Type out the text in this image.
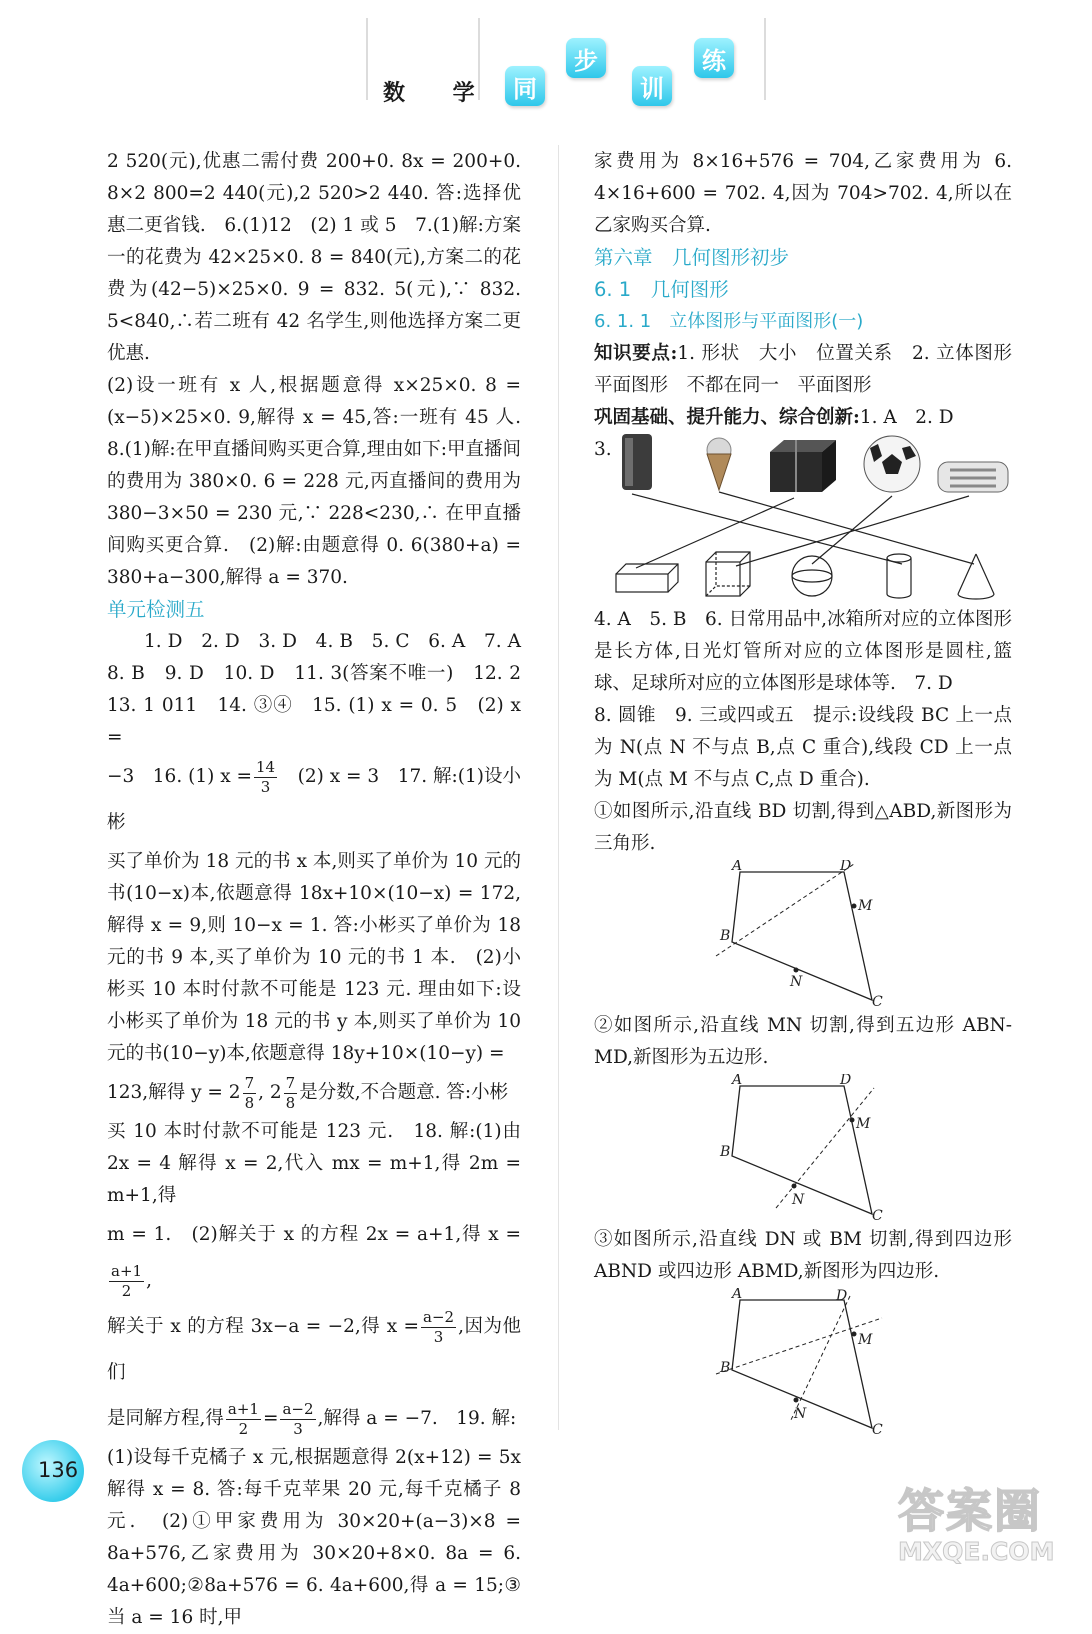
数 学 同
步
训
练

2 520(元),优惠二需付费 200+0. 8x = 200+0. 8×2 800=2 440(元),2 520>2 440. 答:选择优惠二更省钱.　6.(1)12　(2) 1 或 5　7.(1)解:方案一的花费为 42×25×0. 8 = 840(元),方案二的花费为(42−5)×25×0. 9 = 832. 5(元),∵ 832. 5<840,∴若二班有 42 名学生,则他选择方案二更优惠.

(2)设一班有 x 人,根据题意得 x×25×0. 8 = (x−5)×25×0. 9,解得 x = 45,答:一班有 45 人.　8.(1)解:在甲直播间购买更合算,理由如下:甲直播间的费用为 380×0. 6 = 228 元,丙直播间的费用为 380−3×50 = 230 元,∵ 228<230,∴ 在甲直播间购买更合算.　(2)解:由题意得 0. 6(380+a) = 380+a−300,解得 a = 370.

单元检测五

1. D　2. D　3. D　4. B　5. C　6. A　7. A　8. B　9. D　10. D　11. 3(答案不唯一)　12. 2　13. 1 011　14. ③④　15. (1) x = 0. 5　(2) x =

−3　16. (1) $x = \frac{14}{3}$ 　(2) x = 3　17. 解:(1)设小彬

买了单价为 18 元的书 x 本,则买了单价为 10 元的书(10−x)本,依题意得 18x+10×(10−x) = 172,解得 x = 9,则 10−x = 1. 答:小彬买了单价为 18 元的书 9 本,买了单价为 10 元的书 1 本.　(2)小彬买 10 本时付款不可能是 123 元. 理由如下:设小彬买了单价为 18 元的书 y 本,则买了单价为 10 元的书(10−y)本,依题意得 18y+10×(10−y) =

123,解得 $y = 2 \frac{7}{8}$ , $2 \frac{7}{8}$ 是分数,不合题意. 答:小彬

买 10 本时付款不可能是 123 元.　18. 解:(1)由 2x = 4 解得 x = 2,代入 mx = m+1,得 2m = m+1,得

m = 1.　(2)解关于 x 的方程 2x = a+1,得 x =
$\frac{a+1}{2}$ ,

解关于 x 的方程 3x−a = −2,得 $x = \frac{a-2}{3}$ ,因为他们

是同解方程,得 $\frac{a+1}{2} = \frac{a-2}{3}$ ,解得 a = −7.　19. 解:

(1)设每千克橘子 x 元,根据题意得 2(x+12) = 5x 解得 x = 8. 答:每千克苹果 20 元,每千克橘子 8 元.　(2)①甲家费用为 30×20+(a−3)×8 = 8a+576,乙家费用为 30×20+8×0. 8a = 6. 4a+600;②8a+576 = 6. 4a+600,得 a = 15;③当 a = 16 时,甲

家费用为 8×16+576 = 704,乙家费用为 6. 4×16+600 = 702. 4,因为 704>702. 4,所以在乙家购买合算.

第六章　几何图形初步

6. 1　几何图形

6. 1. 1　立体图形与平面图形(一)

知识要点:1. 形状　大小　位置关系　2. 立体图形　平面图形　不都在同一　平面图形

巩固基础、提升能力、综合创新:1. A　2. D

3.

4. A　5. B　6. 日常用品中,冰箱所对应的立体图形是长方体,日光灯管所对应的立体图形是圆柱,篮球、足球所对应的立体图形是球体等.　7. D

8. 圆锥　9. 三或四或五　提示:设线段 BC 上一点为 N(点 N 不与点 B,点 C 重合),线段 CD 上一点为 M(点 M 不与点 C,点 D 重合).

①如图所示,沿直线 BD 切割,得到△ABD,新图形为三角形.

A	D
M
B
N
C

②如图所示,沿直线 MN 切割,得到五边形 ABN-MD,新图形为五边形.

A	D
M
B
N
C

③如图所示,沿直线 DN 或 BM 切割,得到四边形 ABND 或四边形 ABMD,新图形为四边形.

A	D
M
B
N
C
136
答案圈
MXQE.COM
